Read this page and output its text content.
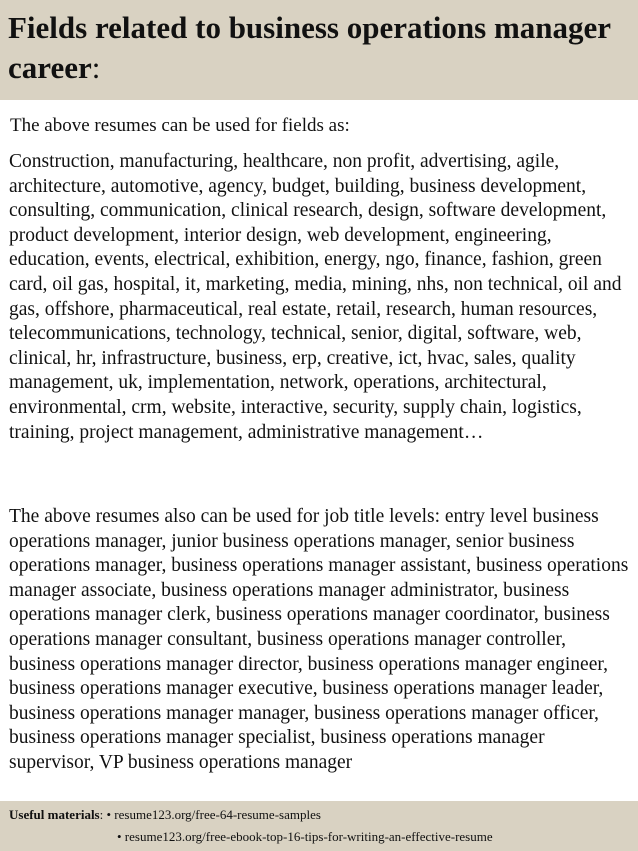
Fields related to business operations manager career:

The above resumes can be used for fields as:

Construction, manufacturing, healthcare, non profit, advertising, agile, architecture, automotive, agency, budget, building, business development, consulting, communication, clinical research, design, software development, product development, interior design, web development, engineering, education, events, electrical, exhibition, energy, ngo, finance, fashion, green card, oil gas, hospital, it, marketing, media, mining, nhs, non technical, oil and gas, offshore, pharmaceutical, real estate, retail, research, human resources, telecommunications, technology, technical, senior, digital, software, web, clinical, hr, infrastructure, business, erp, creative, ict, hvac, sales, quality management, uk, implementation, network, operations, architectural, environmental, crm, website, interactive, security, supply chain, logistics, training, project management, administrative management…

The above resumes also can be used for job title levels: entry level business operations manager, junior business operations manager, senior business operations manager, business operations manager assistant, business operations manager associate, business operations manager administrator, business operations manager clerk, business operations manager coordinator, business operations manager consultant, business operations manager controller, business operations manager director, business operations manager engineer, business operations manager executive, business operations manager leader, business operations manager manager, business operations manager officer, business operations manager specialist, business operations manager supervisor, VP business operations manager

Useful materials: • resume123.org/free-64-resume-samples
• resume123.org/free-ebook-top-16-tips-for-writing-an-effective-resume
